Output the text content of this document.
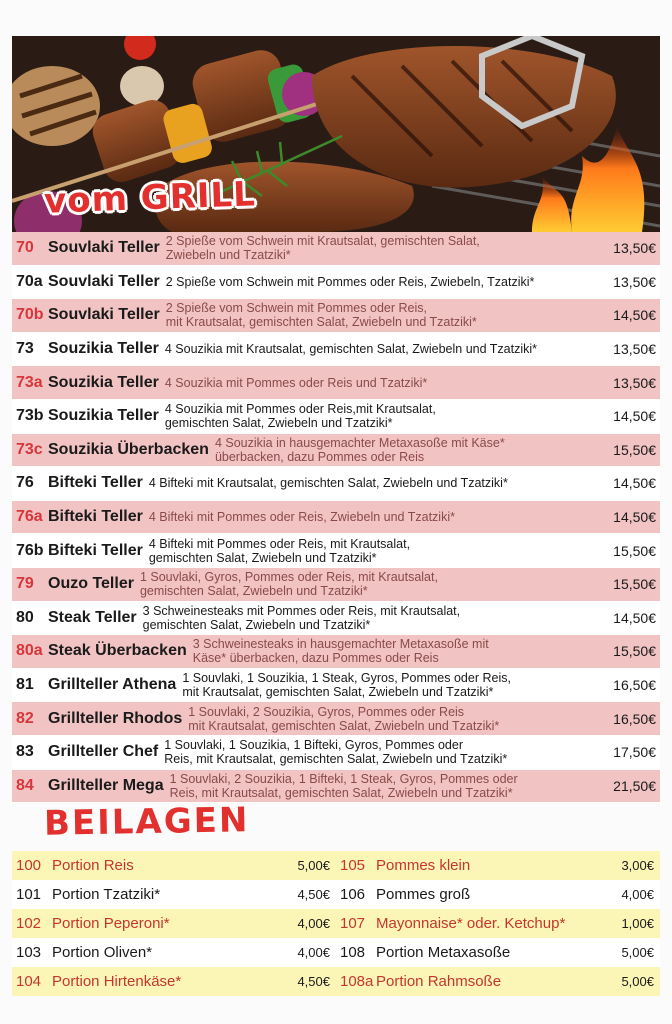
vom GRILL
70 Souvlaki Teller 2 Spieße vom Schwein mit Krautsalat, gemischten Salat,
Zwiebeln und Tzatziki*	13,50€
70a Souvlaki Teller 2 Spieße vom Schwein mit Pommes oder Reis, Zwiebeln, Tzatziki*	13,50€
70b Souvlaki Teller 2 Spieße vom Schwein mit Pommes oder Reis,
mit Krautsalat, gemischten Salat, Zwiebeln und Tzatziki*	14,50€
73 Souzikia Teller 4 Souzikia mit Krautsalat, gemischten Salat, Zwiebeln und Tzatziki*	13,50€
73a Souzikia Teller 4 Souzikia mit Pommes oder Reis und Tzatziki*	13,50€
73b Souzikia Teller 4 Souzikia mit Pommes oder Reis,mit Krautsalat,
gemischten Salat, Zwiebeln und Tzatziki*	14,50€
73c Souzikia Überbacken 4 Souzikia in hausgemachter Metaxasoße mit Käse*
überbacken, dazu Pommes oder Reis	15,50€
76 Bifteki Teller 4 Bifteki mit Krautsalat, gemischten Salat, Zwiebeln und Tzatziki*	14,50€
76a Bifteki Teller 4 Bifteki mit Pommes oder Reis, Zwiebeln und Tzatziki*	14,50€
76b Bifteki Teller 4 Bifteki mit Pommes oder Reis, mit Krautsalat,
gemischten Salat, Zwiebeln und Tzatziki*	15,50€
79 Ouzo Teller 1 Souvlaki, Gyros, Pommes oder Reis, mit Krautsalat,
gemischten Salat, Zwiebeln und Tzatziki*	15,50€
80 Steak Teller 3 Schweinesteaks mit Pommes oder Reis, mit Krautsalat,
gemischten Salat, Zwiebeln und Tzatziki*	14,50€
80a Steak Überbacken 3 Schweinesteaks in hausgemachter Metaxasoße mit
Käse* überbacken, dazu Pommes oder Reis	15,50€
81 Grillteller Athena 1 Souvlaki, 1 Souzikia, 1 Steak, Gyros, Pommes oder Reis,
mit Krautsalat, gemischten Salat, Zwiebeln und Tzatziki*	16,50€
82 Grillteller Rhodos 1 Souvlaki, 2 Souzikia, Gyros, Pommes oder Reis
mit Krautsalat, gemischten Salat, Zwiebeln und Tzatziki*	16,50€
83 Grillteller Chef 1 Souvlaki, 1 Souzikia, 1 Bifteki, Gyros, Pommes oder
Reis, mit Krautsalat, gemischten Salat, Zwiebeln und Tzatziki*	17,50€
84 Grillteller Mega 1 Souvlaki, 2 Souzikia, 1 Bifteki, 1 Steak, Gyros, Pommes oder
Reis, mit Krautsalat, gemischten Salat, Zwiebeln und Tzatziki*	21,50€
BEILAGEN
100 Portion Reis	5,00€ 105 Pommes klein	3,00€
101 Portion Tzatziki*	4,50€ 106 Pommes groß	4,00€
102 Portion Peperoni*	4,00€ 107 Mayonnaise* oder. Ketchup*	1,00€
103 Portion Oliven*	4,00€ 108 Portion Metaxasoße	5,00€
104 Portion Hirtenkäse*	4,50€ 108a Portion Rahmsoße	5,00€
